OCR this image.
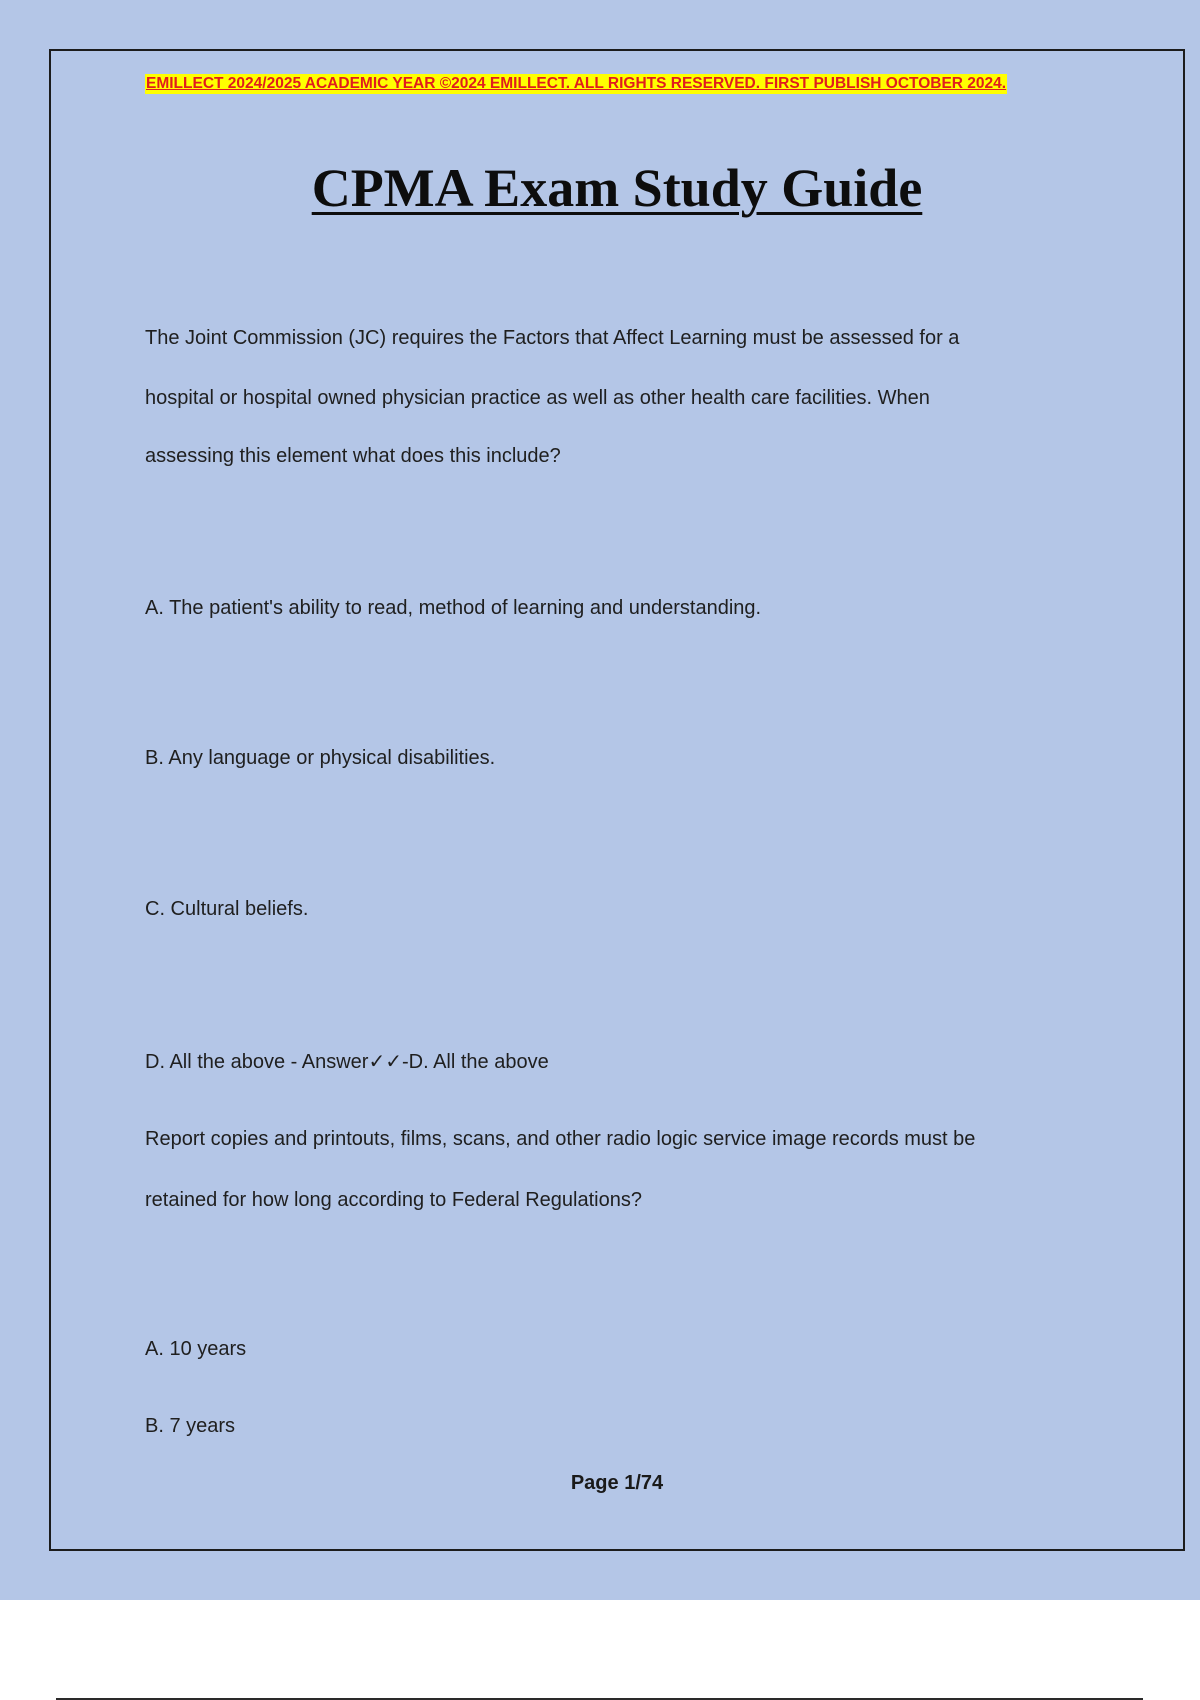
EMILLECT 2024/2025 ACADEMIC YEAR ©2024 EMILLECT. ALL RIGHTS RESERVED. FIRST PUBLISH OCTOBER 2024.

CPMA Exam Study Guide

The Joint Commission (JC) requires the Factors that Affect Learning must be assessed for a

hospital or hospital owned physician practice as well as other health care facilities. When

assessing this element what does this include?

A. The patient's ability to read, method of learning and understanding.

B. Any language or physical disabilities.

C. Cultural beliefs.

D. All the above - Answer✓✓-D. All the above

Report copies and printouts, films, scans, and other radio logic service image records must be

retained for how long according to Federal Regulations?

A. 10 years

B. 7 years

Page 1/74
